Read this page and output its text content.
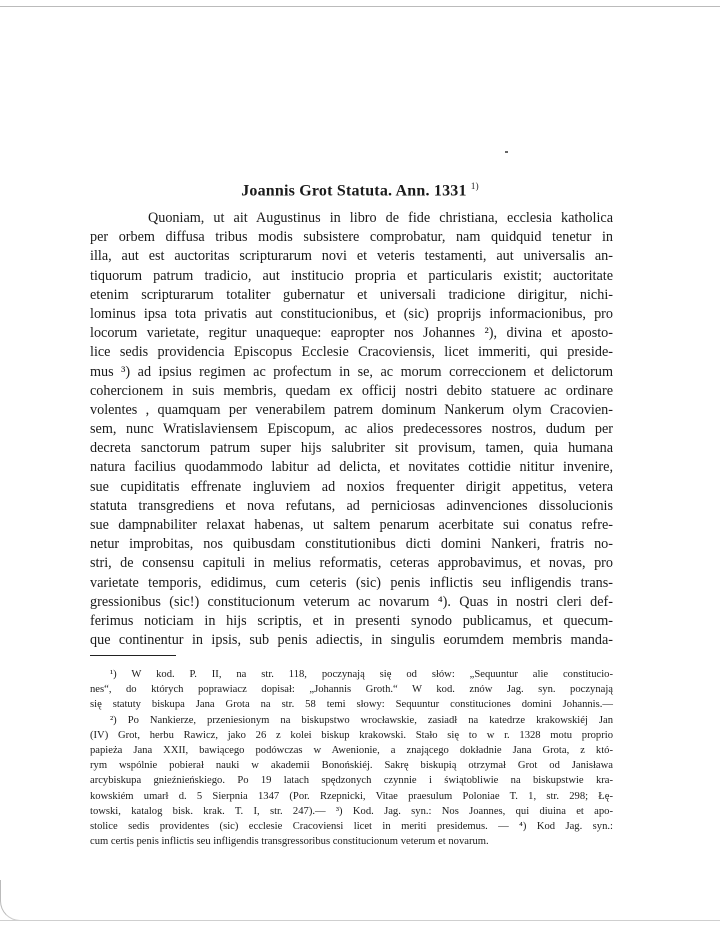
Joannis Grot Statuta. Ann. 1331 $^{1)}$
Quoniam, ut ait Augustinus in libro de fide christiana, ecclesia katholica
per orbem diffusa tribus modis subsistere comprobatur, nam quidquid tenetur in
illa, aut est auctoritas scripturarum novi et veteris testamenti, aut universalis an-
tiquorum patrum tradicio, aut institucio propria et particularis existit; auctoritate
etenim scripturarum totaliter gubernatur et universali tradicione dirigitur, nichi-
lominus ipsa tota privatis aut constitucionibus, et (sic) proprijs informacionibus, pro
locorum varietate, regitur unaqueque: eapropter nos Johannes ²), divina et aposto-
lice sedis providencia Episcopus Ecclesie Cracoviensis, licet immeriti, qui preside-
mus ³) ad ipsius regimen ac profectum in se, ac morum correccionem et delictorum
cohercionem in suis membris, quedam ex officij nostri debito statuere ac ordinare
volentes , quamquam per venerabilem patrem dominum Nankerum olym Cracovien-
sem, nunc Wratislaviensem Episcopum, ac alios predecessores nostros, dudum per
decreta sanctorum patrum super hijs salubriter sit provisum, tamen, quia humana
natura facilius quodammodo labitur ad delicta, et novitates cottidie nititur invenire,
sue cupiditatis effrenate ingluviem ad noxios frequenter dirigit appetitus, vetera
statuta transgrediens et nova refutans, ad perniciosas adinvenciones dissolucionis
sue dampnabiliter relaxat habenas, ut saltem penarum acerbitate sui conatus refre-
netur improbitas, nos quibusdam constitutionibus dicti domini Nankeri, fratris no-
stri, de consensu capituli in melius reformatis, ceteras approbavimus, et novas, pro
varietate temporis, edidimus, cum ceteris (sic) penis inflictis seu infligendis trans-
gressionibus (sic!) constitucionum veterum ac novarum ⁴). Quas in nostri cleri def-
ferimus noticiam in hijs scriptis, et in presenti synodo publicamus, et quecum-
que continentur in ipsis, sub penis adiectis, in singulis eorumdem membris manda-
¹) W kod. P. II, na str. 118, poczynają się od słów: „Sequuntur alie constitucio-
nes“, do których poprawiacz dopisał: „Johannis Groth.“ W kod. znów Jag. syn. poczynają
się statuty biskupa Jana Grota na str. 58 temi słowy: Sequuntur constituciones domini Johannis.—
²) Po Nankierze, przeniesionym na biskupstwo wrocławskie, zasiadł na katedrze krakowskiéj Jan
(IV) Grot, herbu Rawicz, jako 26 z kolei biskup krakowski. Stało się to w r. 1328 motu proprio
papieża Jana XXII, bawiącego podówczas w Awenionie, a znającego dokładnie Jana Grota, z któ-
rym wspólnie pobierał nauki w akademii Bonońskiéj. Sakrę biskupią otrzymał Grot od Janisława
arcybiskupa gnieźnieńskiego. Po 19 latach spędzonych czynnie i świątobliwie na biskupstwie kra-
kowskiém umarł d. 5 Sierpnia 1347 (Por. Rzepnicki, Vitae praesulum Poloniae T. 1, str. 298; Łę-
towski, katalog bisk. krak. T. I, str. 247).— ³) Kod. Jag. syn.: Nos Joannes, qui diuina et apo-
stolice sedis providentes (sic) ecclesie Cracoviensi licet in meriti presidemus. — ⁴) Kod Jag. syn.:
cum certis penis inflictis seu infligendis transgressoribus constitucionum veterum et novarum.
